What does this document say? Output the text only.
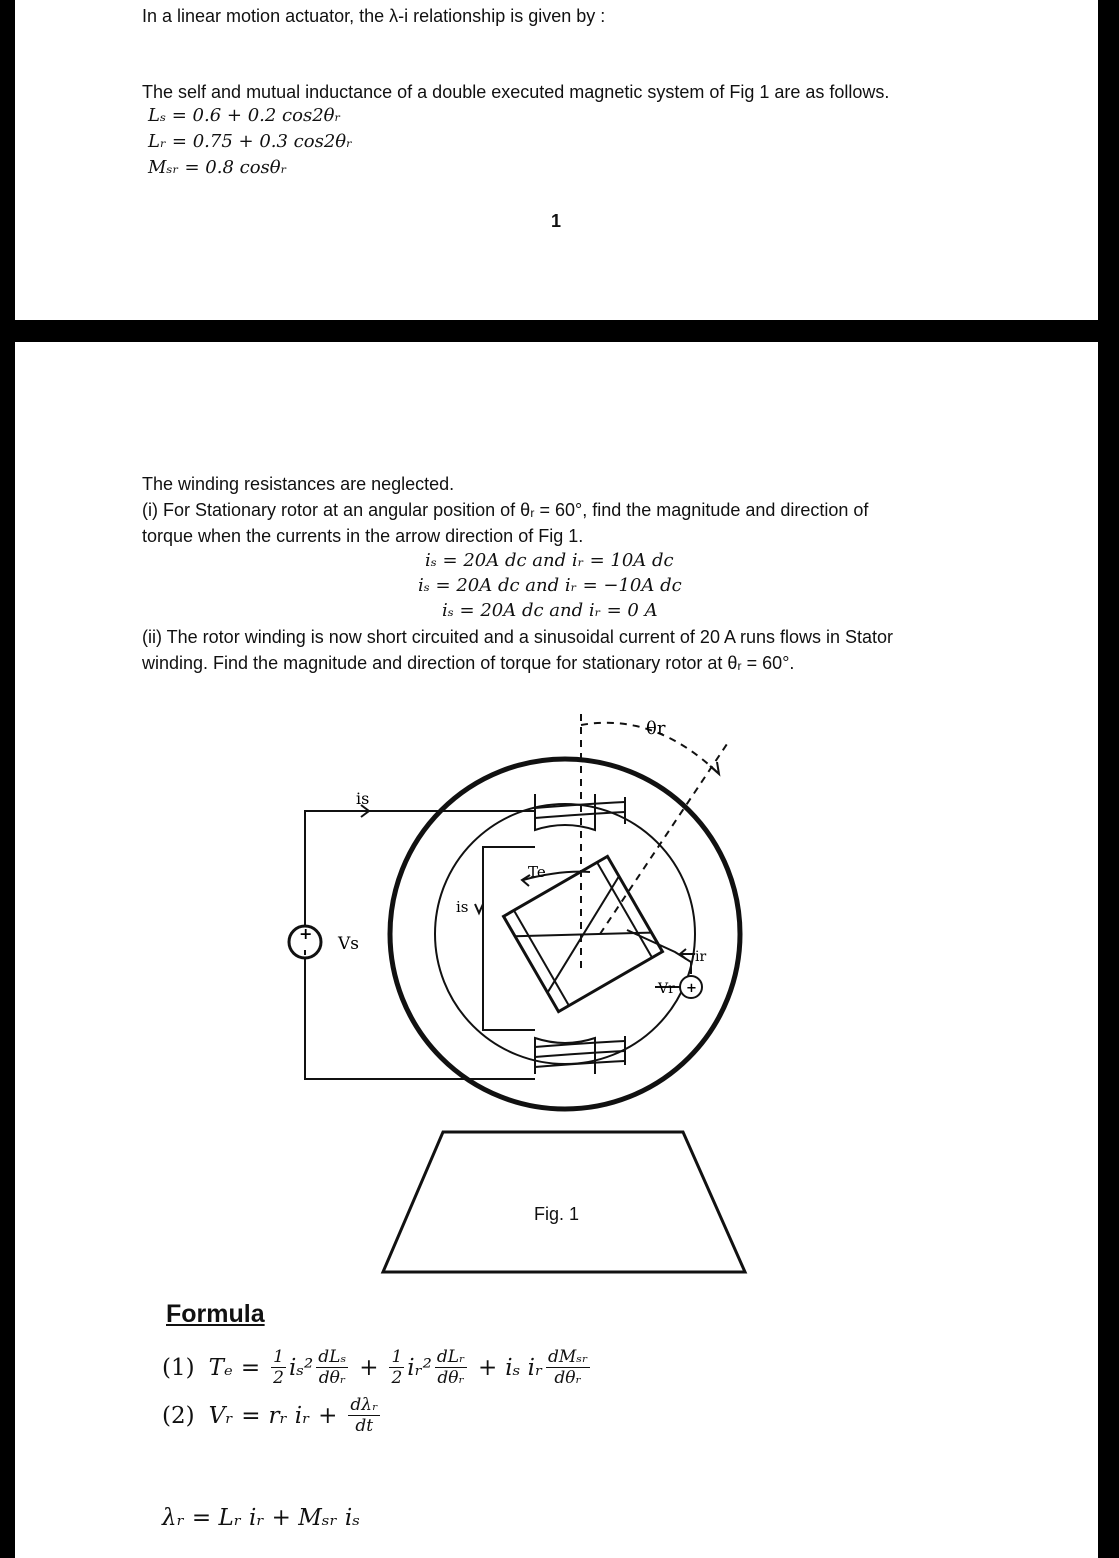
In a linear motion actuator, the λ-i relationship is given by :
The self and mutual inductance of a double executed magnetic system of Fig 1 are as follows.
Lₛ = 0.6 + 0.2 cos2θᵣ
Lᵣ = 0.75 + 0.3 cos2θᵣ
Mₛᵣ = 0.8 cosθᵣ
1
The winding resistances are neglected.
(i) For Stationary rotor at an angular position of θᵣ = 60°, find the magnitude and direction of
torque when the currents in the arrow direction of Fig 1.
iₛ = 20A dc and iᵣ = 10A dc
iₛ = 20A dc and iᵣ = −10A dc
iₛ = 20A dc and iᵣ = 0 A
(ii) The rotor winding is now short circuited and a sinusoidal current of 20 A runs flows in Stator
winding. Find the magnitude and direction of torque for stationary rotor at θᵣ = 60°.
+
+
θr
is
is
Te
Vs
ir
Vr
Fig. 1
Formula
(1) $T_e = \frac{1}{2} i_s^2 \frac{\text{dLₛ}}{\text{dθᵣ}} + \frac{1}{2}$ iᵣ² $\frac{\text{dLᵣ}}{\text{dθᵣ}} + i_s$ iᵣ $\frac{\text{dMₛᵣ}}{\text{dθᵣ}}$
(2) Vᵣ = rᵣ iᵣ + $\frac{\text{dλᵣ}}{dt}$
λᵣ = Lᵣ iᵣ + Mₛᵣ iₛ
